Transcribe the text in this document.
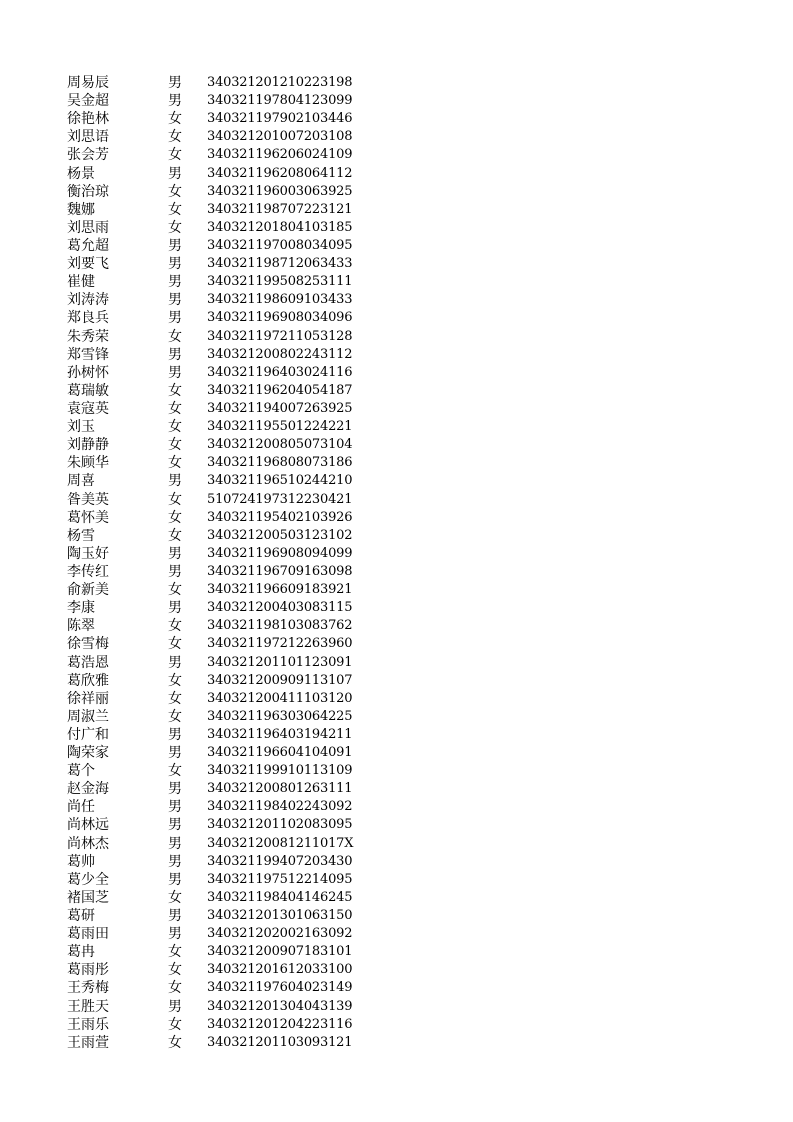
周易辰	男	340321201210223198
吴金超	男	340321197804123099
徐艳林	女	340321197902103446
刘思语	女	340321201007203108
张会芳	女	340321196206024109
杨景	男	340321196208064112
衡治琼	女	340321196003063925
魏娜	女	340321198707223121
刘思雨	女	340321201804103185
葛允超	男	340321197008034095
刘要飞	男	340321198712063433
崔健	男	340321199508253111
刘涛涛	男	340321198609103433
郑良兵	男	340321196908034096
朱秀荣	女	340321197211053128
郑雪锋	男	340321200802243112
孙树怀	男	340321196403024116
葛瑞敏	女	340321196204054187
袁寇英	女	340321194007263925
刘玉	女	340321195501224221
刘静静	女	340321200805073104
朱顾华	女	340321196808073186
周喜	男	340321196510244210
昝美英	女	510724197312230421
葛怀美	女	340321195402103926
杨雪	女	340321200503123102
陶玉好	男	340321196908094099
李传红	男	340321196709163098
俞新美	女	340321196609183921
李康	男	340321200403083115
陈翠	女	340321198103083762
徐雪梅	女	340321197212263960
葛浩恩	男	340321201101123091
葛欣雅	女	340321200909113107
徐祥丽	女	340321200411103120
周淑兰	女	340321196303064225
付广和	男	340321196403194211
陶荣家	男	340321196604104091
葛个	女	340321199910113109
赵金海	男	340321200801263111
尚任	男	340321198402243092
尚林远	男	340321201102083095
尚林杰	男	34032120081211017X
葛帅	男	340321199407203430
葛少全	男	340321197512214095
褚国芝	女	340321198404146245
葛研	男	340321201301063150
葛雨田	男	340321202002163092
葛冉	女	340321200907183101
葛雨彤	女	340321201612033100
王秀梅	女	340321197604023149
王胜天	男	340321201304043139
王雨乐	女	340321201204223116
王雨萱	女	340321201103093121
